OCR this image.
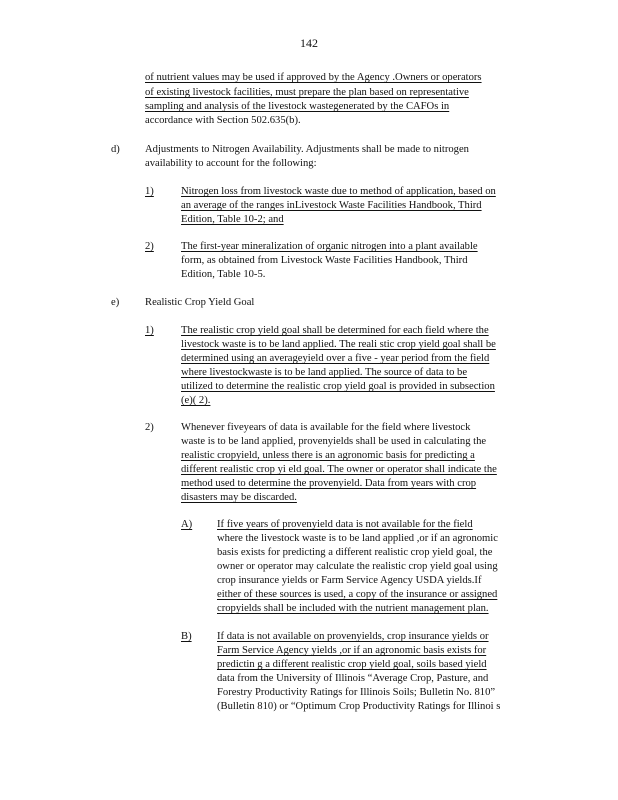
142
of nutrient values may be used if approved by the Agency .Owners or operators
of existing livestock facilities, must prepare the plan based on representative
sampling and analysis of the livestock wastegenerated by the CAFOs in
accordance with Section 502.635(b).
d) Adjustments to Nitrogen Availability. Adjustments shall be made to nitrogen
availability to account for the following:
1)	Nitrogen loss from livestock waste due to method of application, based on
an average of the ranges inLivestock Waste Facilities Handbook, Third
Edition, Table 10-2; and
2)	The first-year mineralization of organic nitrogen into a plant available
form, as obtained from Livestock Waste Facilities Handbook, Third
Edition, Table 10-5.
e) Realistic Crop Yield Goal
1)	The realistic crop yield goal shall be determined for each field where the
livestock waste is to be land applied. The reali stic crop yield goal shall be
determined using an averageyield over a five - year period from the field
where livestockwaste is to be land applied. The source of data to be
utilized to determine the realistic crop yield goal is provided in subsection
(e)( 2).
2)	Whenever fiveyears of data is available for the field where livestock
waste is to be land applied, provenyields shall be used in calculating the
realistic cropyield, unless there is an agronomic basis for predicting a
different realistic crop yi eld goal. The owner or operator shall indicate the
method used to determine the provenyield. Data from years with crop
disasters may be discarded.
A) If five years of provenyield data is not available for the field
where the livestock waste is to be land applied ,or if an agronomic
basis exists for predicting a different realistic crop yield goal, the
owner or operator may calculate the realistic crop yield goal using
crop insurance yields or Farm Service Agency USDA yields.If
either of these sources is used, a copy of the insurance or assigned
cropyields shall be included with the nutrient management plan.
B) If data is not available on provenyields, crop insurance yields or
Farm Service Agency yields ,or if an agronomic basis exists for
predictin g a different realistic crop yield goal, soils based yield
data from the University of Illinois “Average Crop, Pasture, and
Forestry Productivity Ratings for Illinois Soils; Bulletin No. 810”
(Bulletin 810) or “Optimum Crop Productivity Ratings for Illinoi s
